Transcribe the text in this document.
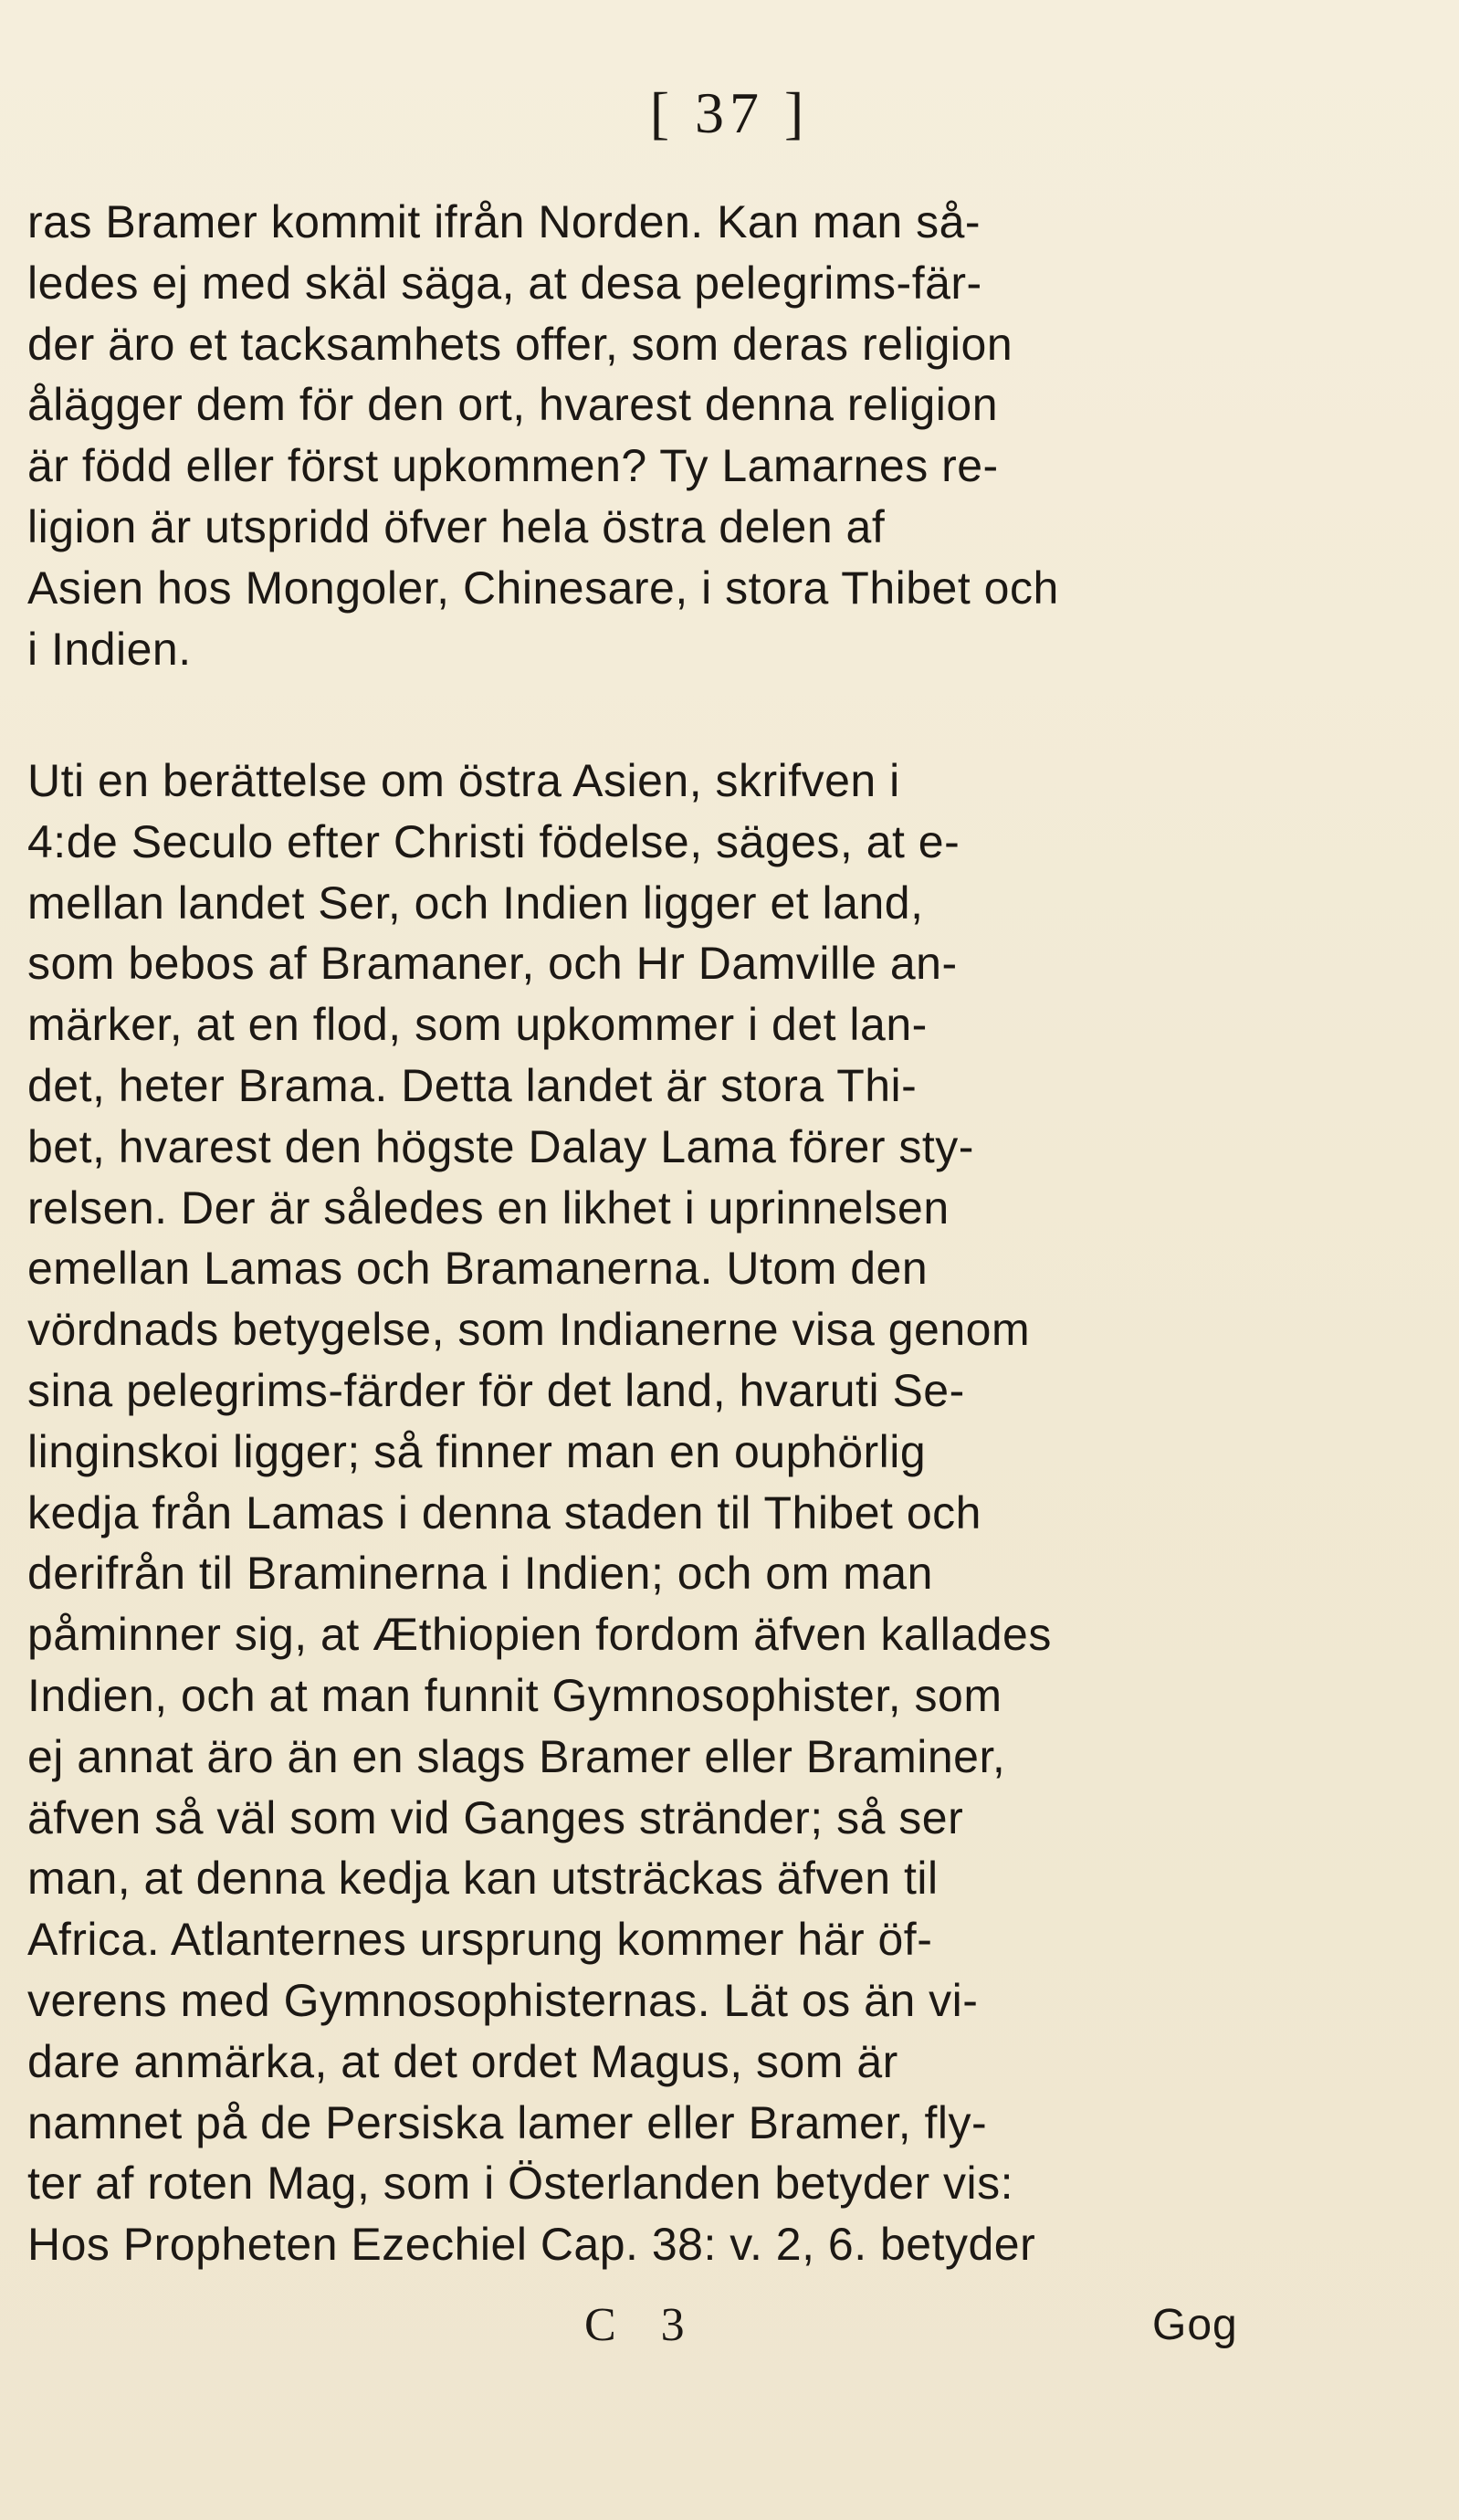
[ 37 ]
ras Bramer kommit ifrån Norden. Kan man så-
ledes ej med skäl säga, at desa pelegrims-fär-
der äro et tacksamhets offer, som deras religion
ålägger dem för den ort, hvarest denna religion
är född eller först upkommen? Ty Lamarnes re-
ligion är utspridd öfver hela östra delen af
Asien hos Mongoler, Chinesare, i stora Thibet och
i Indien.
Uti en berättelse om östra Asien, skrifven i
4:de Seculo efter Christi födelse, säges, at e-
mellan landet Ser, och Indien ligger et land,
som bebos af Bramaner, och Hr Damville an-
märker, at en flod, som upkommer i det lan-
det, heter Brama. Detta landet är stora Thi-
bet, hvarest den högste Dalay Lama förer sty-
relsen. Der är således en likhet i uprinnelsen
emellan Lamas och Bramanerna. Utom den
vördnads betygelse, som Indianerne visa genom
sina pelegrims-färder för det land, hvaruti Se-
linginskoi ligger; så finner man en ouphörlig
kedja från Lamas i denna staden til Thibet och
derifrån til Braminerna i Indien; och om man
påminner sig, at Æthiopien fordom äfven kallades
Indien, och at man funnit Gymnosophister, som
ej annat äro än en slags Bramer eller Braminer,
äfven så väl som vid Ganges stränder; så ser
man, at denna kedja kan utsträckas äfven til
Africa. Atlanternes ursprung kommer här öf-
verens med Gymnosophisternas. Lät os än vi-
dare anmärka, at det ordet Magus, som är
namnet på de Persiska lamer eller Bramer, fly-
ter af roten Mag, som i Österlanden betyder vis:
Hos Propheten Ezechiel Cap. 38: v. 2, 6. betyder
C 3	Gog
